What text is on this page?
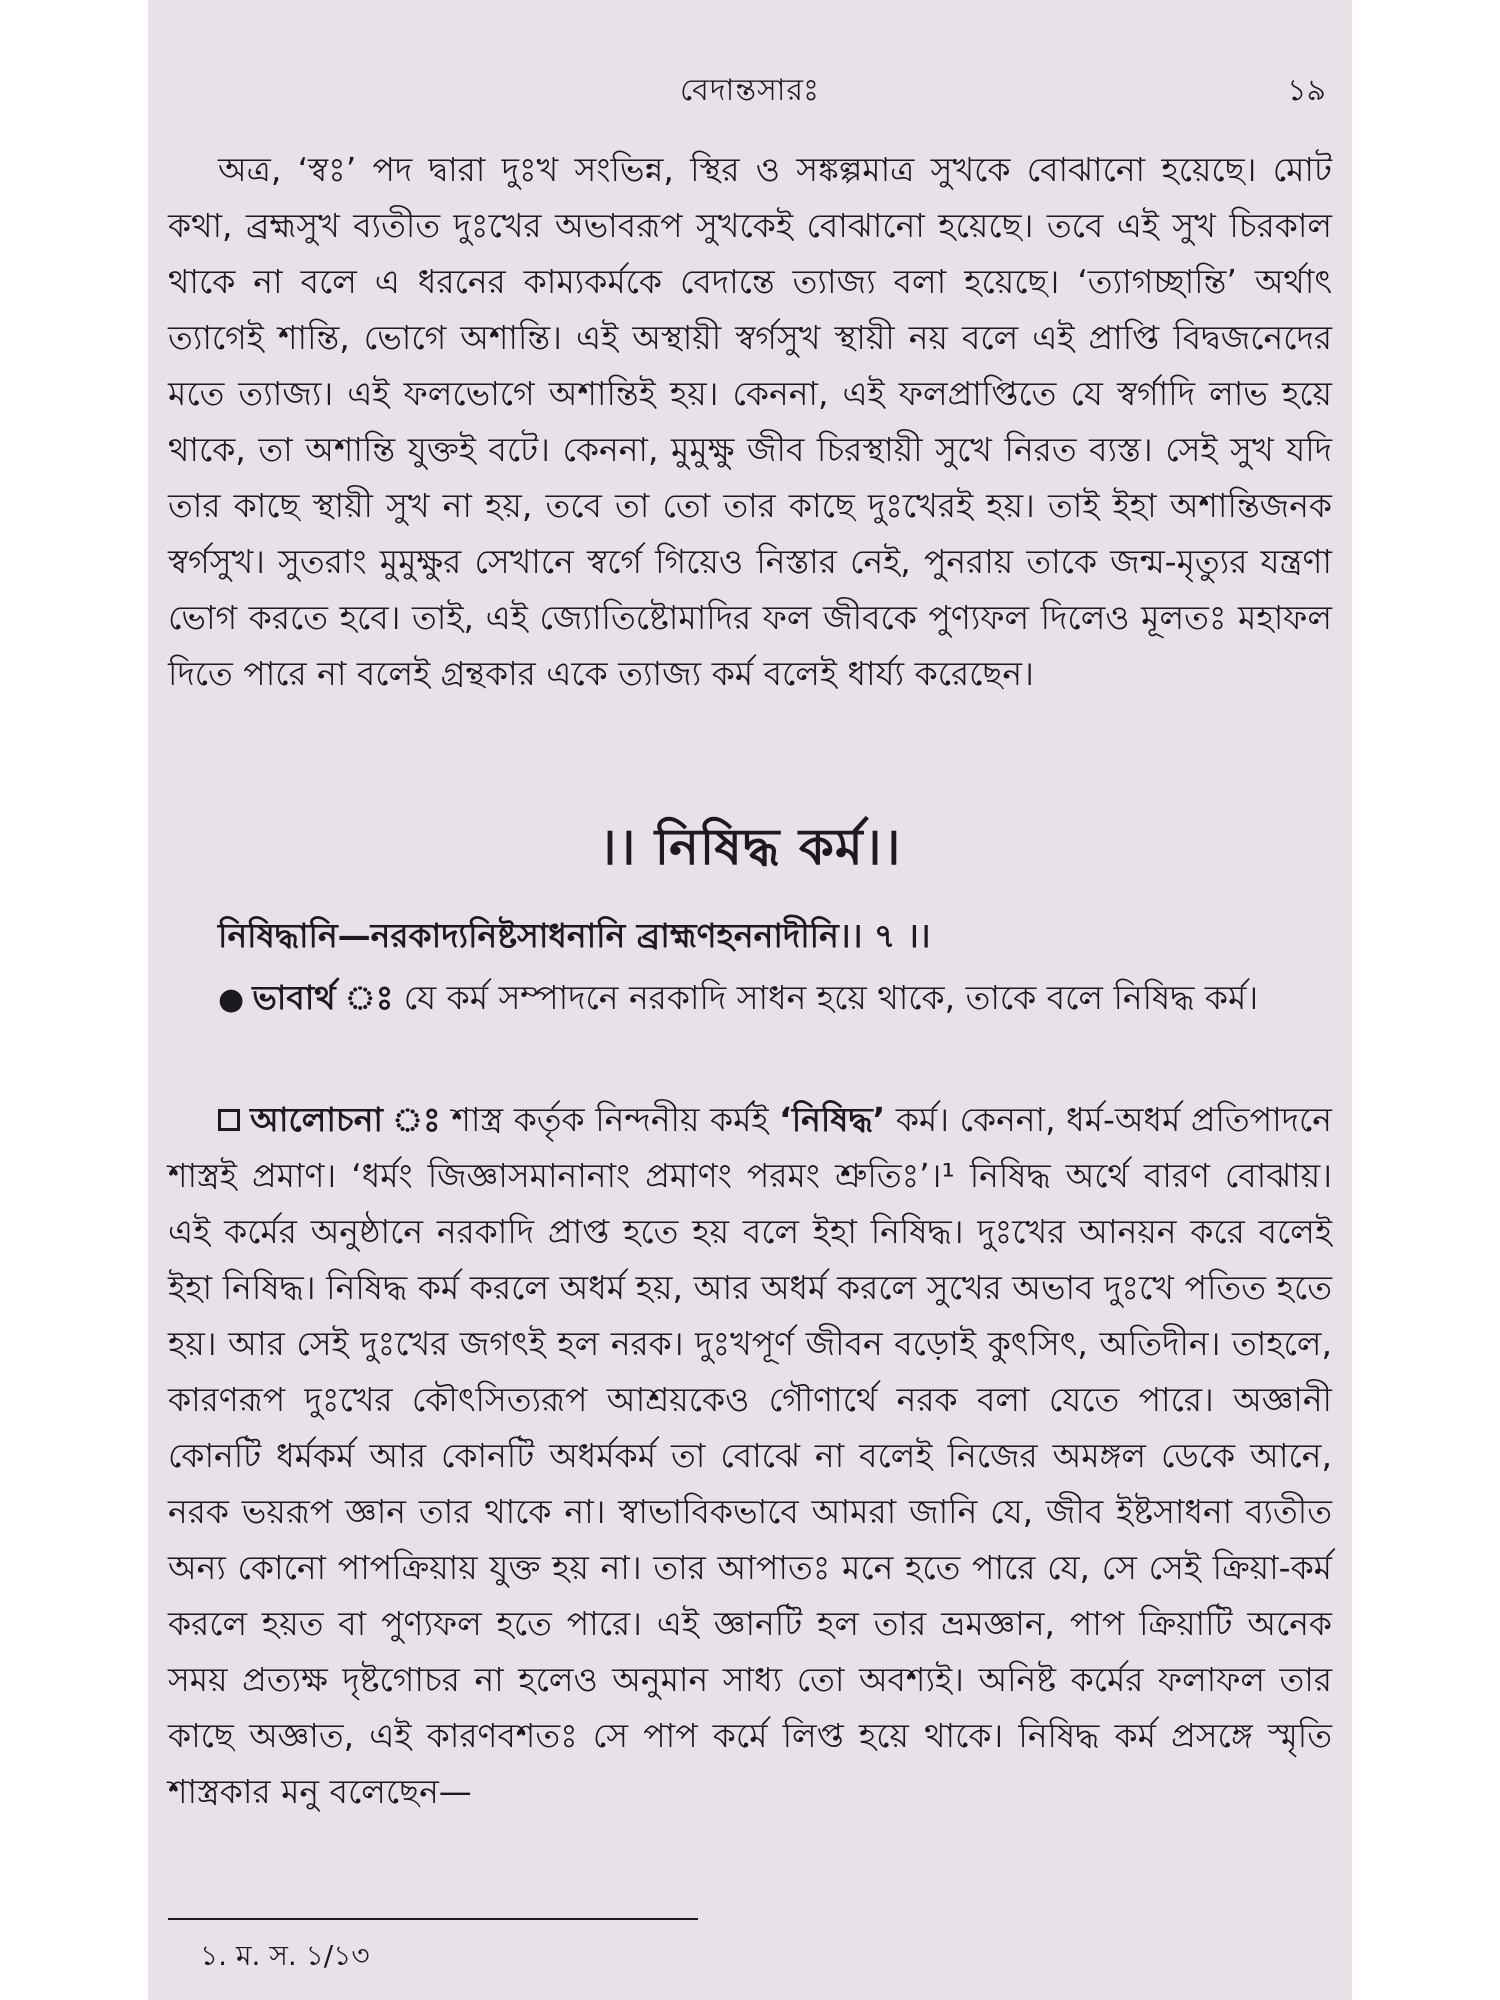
বেদান্তসারঃ	১৯

অত্র, ‘স্বঃ’ পদ দ্বারা দুঃখ সংভিন্ন, স্থির ও সঙ্কল্পমাত্র সুখকে বোঝানো হয়েছে। মোট কথা, ব্রহ্মসুখ ব্যতীত দুঃখের অভাবরূপ সুখকেই বোঝানো হয়েছে। তবে এই সুখ চিরকাল থাকে না বলে এ ধরনের কাম্যকর্মকে বেদান্তে ত্যাজ্য বলা হয়েছে। ‘ত্যাগচ্ছান্তি’ অর্থাৎ ত্যাগেই শান্তি, ভোগে অশান্তি। এই অস্থায়ী স্বর্গসুখ স্থায়ী নয় বলে এই প্রাপ্তি বিদ্বজনেদের মতে ত্যাজ্য। এই ফলভোগে অশান্তিই হয়। কেননা, এই ফলপ্রাপ্তিতে যে স্বর্গাদি লাভ হয়ে থাকে, তা অশান্তি যুক্তই বটে। কেননা, মুমুক্ষু জীব চিরস্থায়ী সুখে নিরত ব্যস্ত। সেই সুখ যদি তার কাছে স্থায়ী সুখ না হয়, তবে তা তো তার কাছে দুঃখেরই হয়। তাই ইহা অশান্তিজনক স্বর্গসুখ। সুতরাং মুমুক্ষুর সেখানে স্বর্গে গিয়েও নিস্তার নেই, পুনরায় তাকে জন্ম-মৃত্যুর যন্ত্রণা ভোগ করতে হবে। তাই, এই জ্যোতিষ্টোমাদির ফল জীবকে পুণ্যফল দিলেও মূলতঃ মহাফল দিতে পারে না বলেই গ্রন্থকার একে ত্যাজ্য কর্ম বলেই ধার্য্য করেছেন।

।। নিষিদ্ধ কর্ম।।

নিষিদ্ধানি—নরকাদ্যনিষ্টসাধনানি ব্রাহ্মণহননাদীনি।। ৭ ।।

● ভাবার্থ ঃ যে কর্ম সম্পাদনে নরকাদি সাধন হয়ে থাকে, তাকে বলে নিষিদ্ধ কর্ম।

আলোচনা ঃ শাস্ত্র কর্তৃক নিন্দনীয় কর্মই ‘নিষিদ্ধ’ কর্ম। কেননা, ধর্ম-অধর্ম প্রতিপাদনে শাস্ত্রই প্রমাণ। ‘ধর্মং জিজ্ঞাসমানানাং প্রমাণং পরমং শ্রুতিঃ’।¹ নিষিদ্ধ অর্থে বারণ বোঝায়। এই কর্মের অনুষ্ঠানে নরকাদি প্রাপ্ত হতে হয় বলে ইহা নিষিদ্ধ। দুঃখের আনয়ন করে বলেই ইহা নিষিদ্ধ। নিষিদ্ধ কর্ম করলে অধর্ম হয়, আর অধর্ম করলে সুখের অভাব দুঃখে পতিত হতে হয়। আর সেই দুঃখের জগৎই হল নরক। দুঃখপূর্ণ জীবন বড়োই কুৎসিৎ, অতিদীন। তাহলে, কারণরূপ দুঃখের কৌৎসিত্যরূপ আশ্রয়কেও গৌণার্থে নরক বলা যেতে পারে। অজ্ঞানী কোনটি ধর্মকর্ম আর কোনটি অধর্মকর্ম তা বোঝে না বলেই নিজের অমঙ্গল ডেকে আনে, নরক ভয়রূপ জ্ঞান তার থাকে না। স্বাভাবিকভাবে আমরা জানি যে, জীব ইষ্টসাধনা ব্যতীত অন্য কোনো পাপক্রিয়ায় যুক্ত হয় না। তার আপাতঃ মনে হতে পারে যে, সে সেই ক্রিয়া-কর্ম করলে হয়ত বা পুণ্যফল হতে পারে। এই জ্ঞানটি হল তার ভ্রমজ্ঞান, পাপ ক্রিয়াটি অনেক সময় প্রত্যক্ষ দৃষ্টগোচর না হলেও অনুমান সাধ্য তো অবশ্যই। অনিষ্ট কর্মের ফলাফল তার কাছে অজ্ঞাত, এই কারণবশতঃ সে পাপ কর্মে লিপ্ত হয়ে থাকে। নিষিদ্ধ কর্ম প্রসঙ্গে স্মৃতি শাস্ত্রকার মনু বলেছেন—

১. ম. স. ১/১৩
